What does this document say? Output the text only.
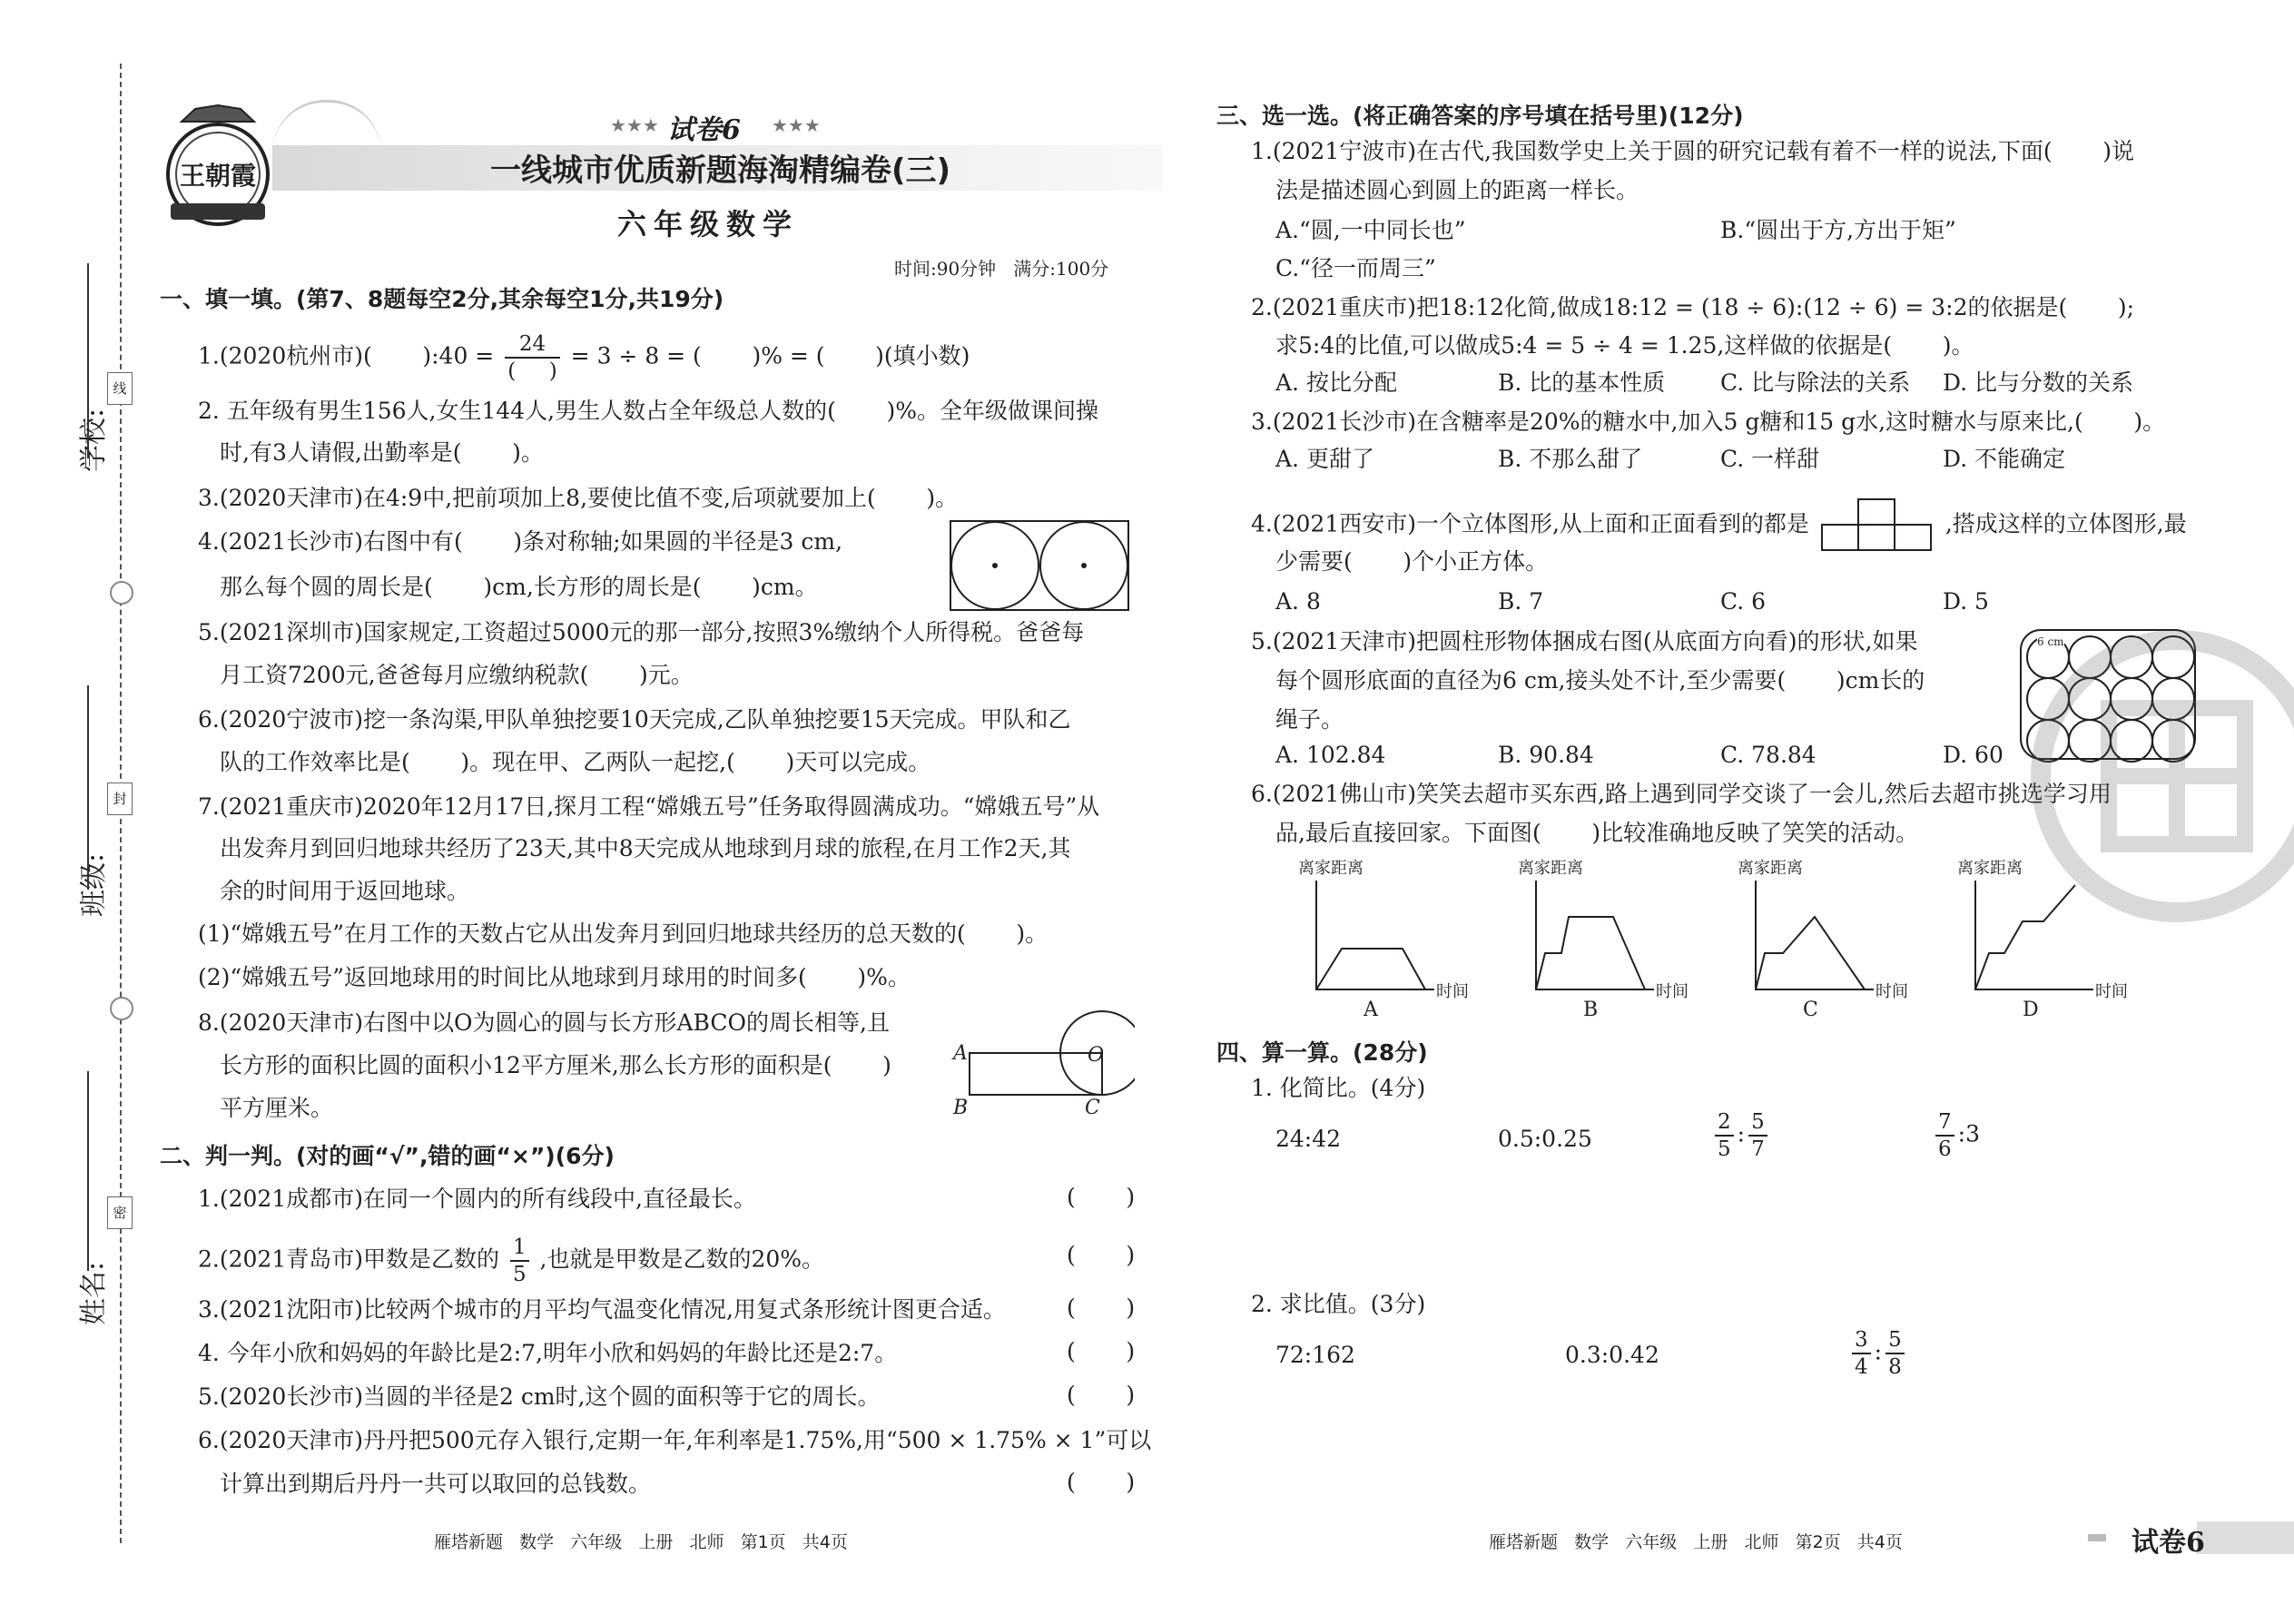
线
封
密
学校:
班级:
姓名:
王朝霞
★★★ 试卷6 ★★★
一线城市优质新题海淘精编卷(三)
六年级数学
时间:90分钟   满分:100分
一、填一填。(第7、8题每空2分,其余每空1分,共19分)
1.(2020杭州市)(       ):40 = $\frac{24}{( )} = 3 \div 8$ = (       )% = (       )(填小数)
2. 五年级有男生156人,女生144人,男生人数占全年级总人数的(       )%。全年级做课间操
时,有3人请假,出勤率是(       )。
3.(2020天津市)在4:9中,把前项加上8,要使比值不变,后项就要加上(       )。
4.(2021长沙市)右图中有(       )条对称轴;如果圆的半径是3 cm,
那么每个圆的周长是(       )cm,长方形的周长是(       )cm。
5.(2021深圳市)国家规定,工资超过5000元的那一部分,按照3%缴纳个人所得税。爸爸每
月工资7200元,爸爸每月应缴纳税款(       )元。
6.(2020宁波市)挖一条沟渠,甲队单独挖要10天完成,乙队单独挖要15天完成。甲队和乙
队的工作效率比是(       )。现在甲、乙两队一起挖,(       )天可以完成。
7.(2021重庆市)2020年12月17日,探月工程“嫦娥五号”任务取得圆满成功。“嫦娥五号”从
出发奔月到回归地球共经历了23天,其中8天完成从地球到月球的旅程,在月工作2天,其
余的时间用于返回地球。
(1)“嫦娥五号”在月工作的天数占它从出发奔月到回归地球共经历的总天数的(       )。
(2)“嫦娥五号”返回地球用的时间比从地球到月球用的时间多(       )%。
8.(2020天津市)右图中以O为圆心的圆与长方形ABCO的周长相等,且
长方形的面积比圆的面积小12平方厘米,那么长方形的面积是(       )
平方厘米。
A
B	C
O
二、判一判。(对的画“√”,错的画“×”)(6分)
1.(2021成都市)在同一个圆内的所有线段中,直径最长。	(       )
2.(2021青岛市)甲数是乙数的 $\frac{1}{5}$ ,也就是甲数是乙数的20%。	(       )
3.(2021沈阳市)比较两个城市的月平均气温变化情况,用复式条形统计图更合适。	(       )
4. 今年小欣和妈妈的年龄比是2:7,明年小欣和妈妈的年龄比还是2:7。	(       )
5.(2020长沙市)当圆的半径是2 cm时,这个圆的面积等于它的周长。	(       )
6.(2020天津市)丹丹把500元存入银行,定期一年,年利率是1.75%,用“500 × 1.75% × 1”可以
计算出到期后丹丹一共可以取回的总钱数。	(       )
雁塔新题   数学   六年级   上册   北师   第1页   共4页
三、选一选。(将正确答案的序号填在括号里)(12分)
1.(2021宁波市)在古代,我国数学史上关于圆的研究记载有着不一样的说法,下面(       )说
法是描述圆心到圆上的距离一样长。
A.“圆,一中同长也”	B.“圆出于方,方出于矩”
C.“径一而周三”
2.(2021重庆市)把18:12化简,做成18:12 = (18 ÷ 6):(12 ÷ 6) = 3:2的依据是(       );
求5:4的比值,可以做成5:4 = 5 ÷ 4 = 1.25,这样做的依据是(       )。
A. 按比分配	B. 比的基本性质 C. 比与除法的关系 D. 比与分数的关系
3.(2021长沙市)在含糖率是20%的糖水中,加入5 g糖和15 g水,这时糖水与原来比,(       )。
A. 更甜了	B. 不那么甜了	C. 一样甜	D. 不能确定
4.(2021西安市)一个立体图形,从上面和正面看到的都是	,搭成这样的立体图形,最
少需要(       )个小正方体。
A. 8	B. 7	C. 6	D. 5
5.(2021天津市)把圆柱形物体捆成右图(从底面方向看)的形状,如果
每个圆形底面的直径为6 cm,接头处不计,至少需要(       )cm长的
绳子。
6 cm
A. 102.84	B. 90.84	C. 78.84	D. 60
6.(2021佛山市)笑笑去超市买东西,路上遇到同学交谈了一会儿,然后去超市挑选学习用
品,最后直接回家。下面图(       )比较准确地反映了笑笑的活动。
离家距离
时间
A
离家距离
时间
B
离家距离
时间
C
离家距离
时间
D
四、算一算。(28分)
1. 化简比。(4分)
24:42	0.5:0.25	$\frac{2}{5}$ : $\frac{5}{7}$	$\frac{7}{6}$ :3
2. 求比值。(3分)
72:162	0.3:0.42	$\frac{3}{4}$ : $\frac{5}{8}$
雁塔新题   数学   六年级   上册   北师   第2页   共4页	试卷6
